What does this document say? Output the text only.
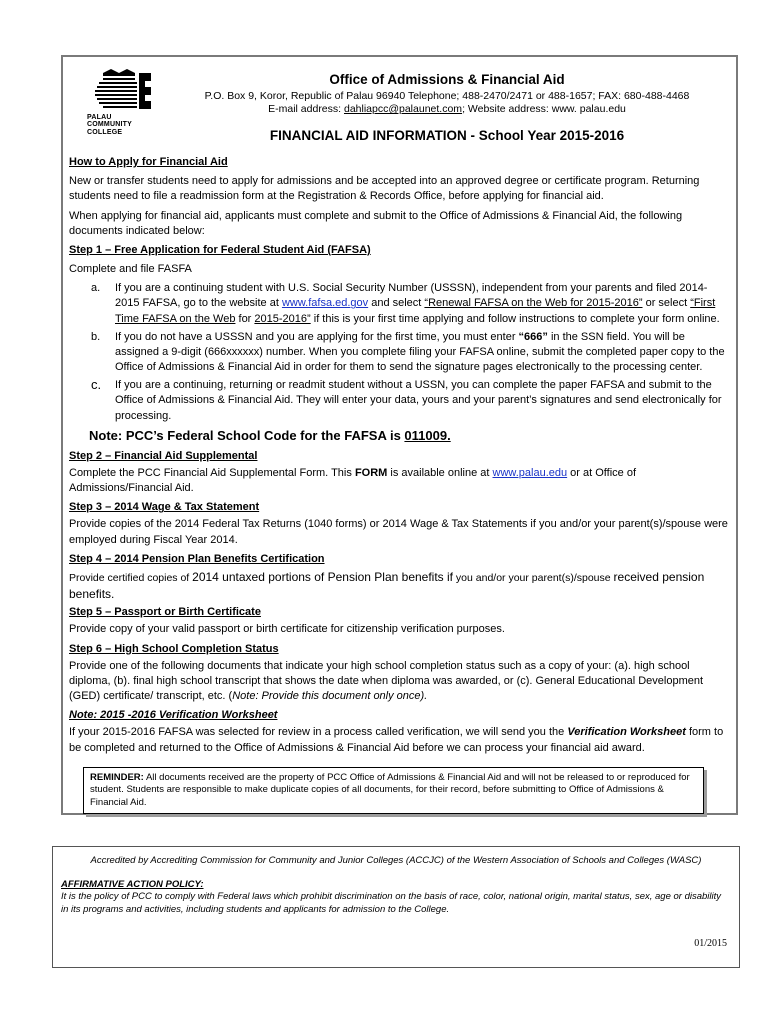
PALAU
COMMUNITY
COLLEGE
Office of Admissions & Financial Aid
P.O. Box 9, Koror, Republic of Palau 96940 Telephone; 488-2470/2471 or 488-1657; FAX: 680-488-4468
E-mail address: dahliapcc@palaunet.com; Website address: www. palau.edu
FINANCIAL AID INFORMATION - School Year 2015-2016
How to Apply for Financial Aid

New or transfer students need to apply for admissions and be accepted into an approved degree or certificate program. Returning students need to file a readmission form at the Registration & Records Office, before applying for financial aid.

When applying for financial aid, applicants must complete and submit to the Office of Admissions & Financial Aid, the following documents indicated below:

Step 1 – Free Application for Federal Student Aid (FAFSA)

Complete and file FASFA

a. If you are a continuing student with U.S. Social Security Number (USSSN), independent from your parents and filed 2014-2015 FAFSA, go to the website at www.fafsa.ed.gov and select “Renewal FAFSA on the Web for 2015-2016” or select “First Time FAFSA on the Web for 2015-2016” if this is your first time applying and follow instructions to complete your form online.
b. If you do not have a USSSN and you are applying for the first time, you must enter “666” in the SSN field. You will be assigned a 9-digit (666xxxxxx) number. When you complete filing your FAFSA online, submit the completed paper copy to the Office of Admissions & Financial Aid in order for them to send the signature pages electronically to the processing center.
c. If you are a continuing, returning or readmit student without a USSN, you can complete the paper FAFSA and submit to the Office of Admissions & Financial Aid. They will enter your data, yours and your parent’s signatures and send electronically for processing.
Note: PCC’s Federal School Code for the FAFSA is 011009.
Step 2 – Financial Aid Supplemental

Complete the PCC Financial Aid Supplemental Form. This FORM is available online at www.palau.edu or at Office of Admissions/Financial Aid.

Step 3 – 2014 Wage & Tax Statement

Provide copies of the 2014 Federal Tax Returns (1040 forms) or 2014 Wage & Tax Statements if you and/or your parent(s)/spouse were employed during Fiscal Year 2014.

Step 4 – 2014 Pension Plan Benefits Certification

Provide certified copies of 2014 untaxed portions of Pension Plan benefits if you and/or your parent(s)/spouse received pension benefits.

Step 5 – Passport or Birth Certificate

Provide copy of your valid passport or birth certificate for citizenship verification purposes.

Step 6 – High School Completion Status

Provide one of the following documents that indicate your high school completion status such as a copy of your: (a). high school diploma, (b). final high school transcript that shows the date when diploma was awarded, or (c). General Educational Development (GED) certificate/ transcript, etc. (Note: Provide this document only once).

Note: 2015 -2016 Verification Worksheet

If your 2015-2016 FAFSA was selected for review in a process called verification, we will send you the Verification Worksheet form to be completed and returned to the Office of Admissions & Financial Aid before we can process your financial aid award.

REMINDER: All documents received are the property of PCC Office of Admissions & Financial Aid and will not be released to or reproduced for student. Students are responsible to make duplicate copies of all documents, for their record, before submitting to Office of Admissions & Financial Aid.
Accredited by Accrediting Commission for Community and Junior Colleges (ACCJC) of the Western Association of Schools and Colleges (WASC)
AFFIRMATIVE ACTION POLICY:
It is the policy of PCC to comply with Federal laws which prohibit discrimination on the basis of race, color, national origin, marital status, sex, age or disability in its programs and activities, including students and applicants for admission to the College.
01/2015
